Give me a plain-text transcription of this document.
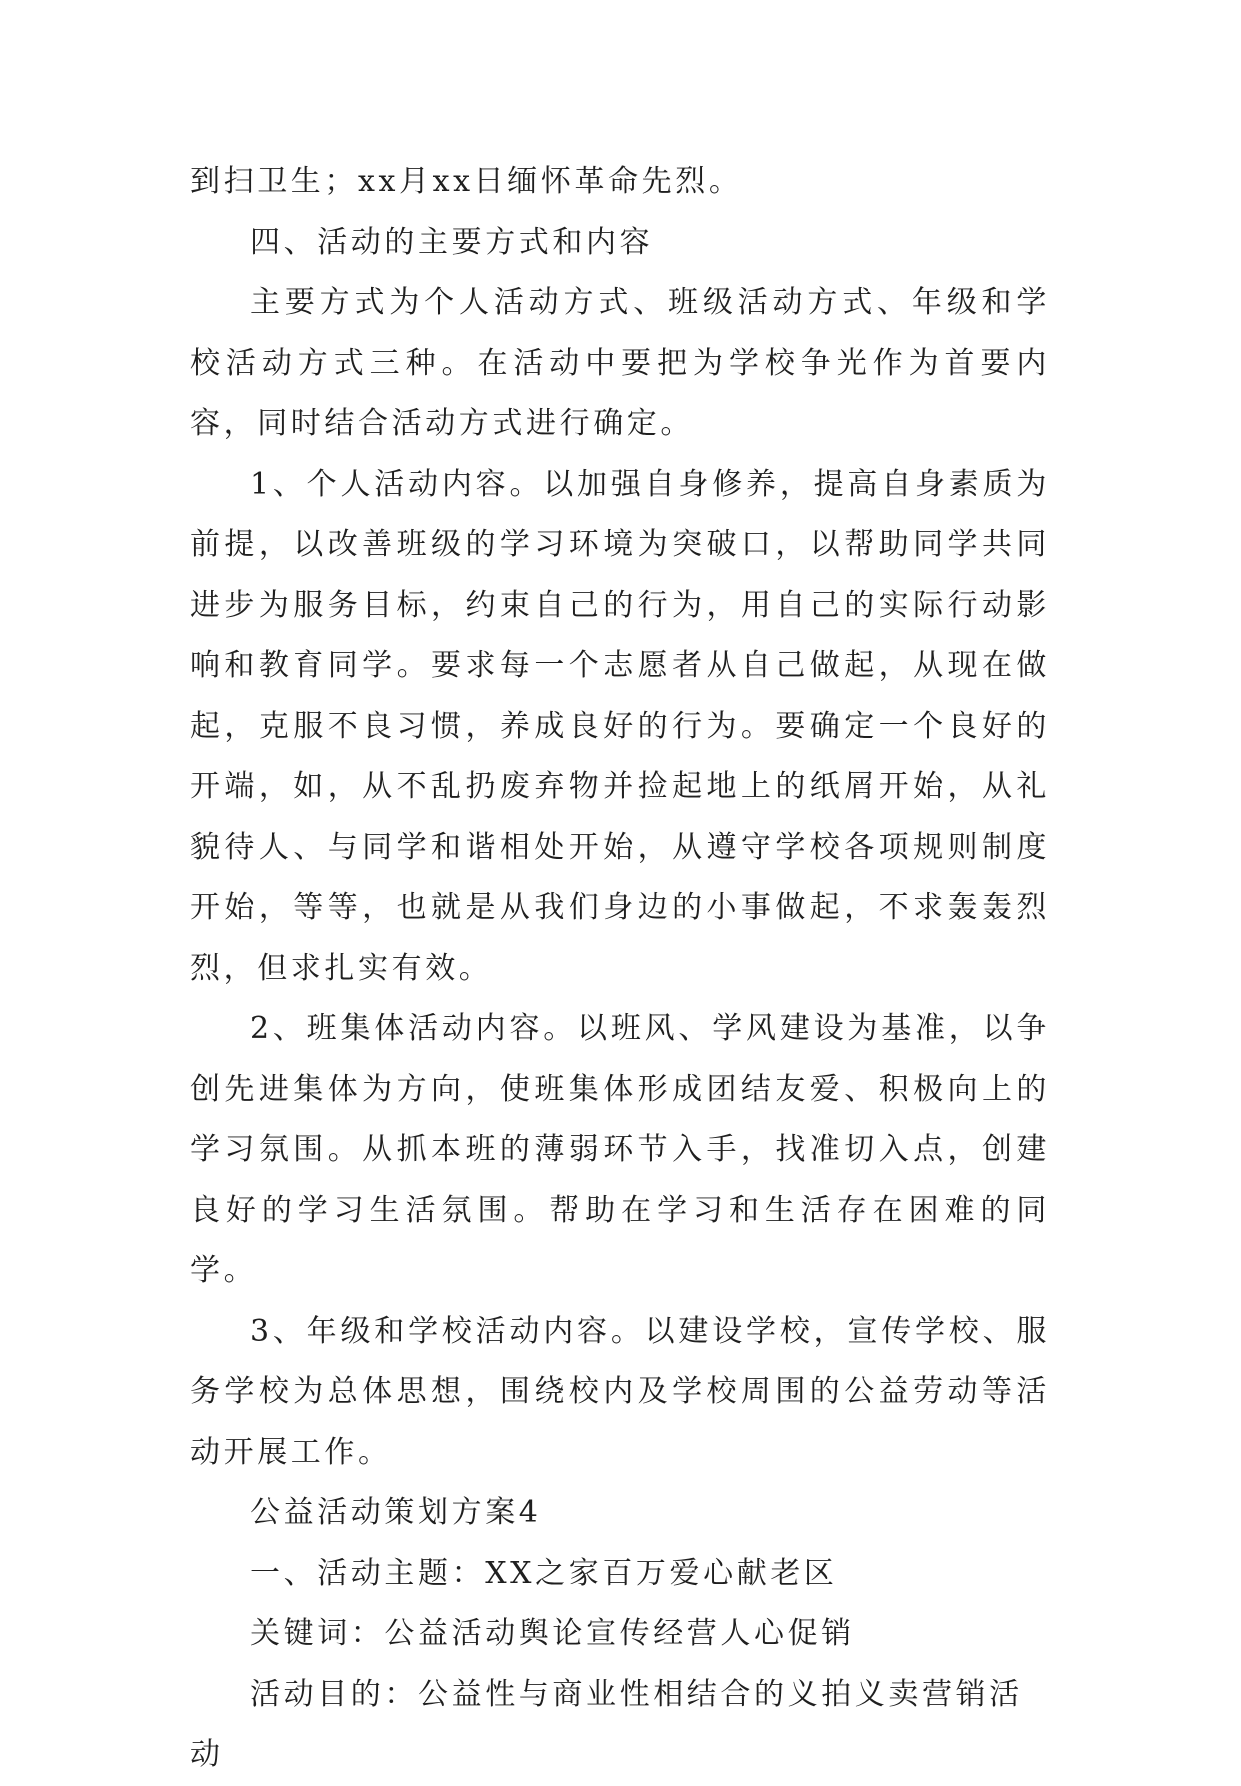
到扫卫生；xx月xx日缅怀革命先烈。

四、活动的主要方式和内容

主要方式为个人活动方式、班级活动方式、年级和学校活动方式三种。在活动中要把为学校争光作为首要内容，同时结合活动方式进行确定。

1、个人活动内容。以加强自身修养，提高自身素质为前提，以改善班级的学习环境为突破口，以帮助同学共同进步为服务目标，约束自己的行为，用自己的实际行动影响和教育同学。要求每一个志愿者从自己做起，从现在做起，克服不良习惯，养成良好的行为。要确定一个良好的开端，如，从不乱扔废弃物并捡起地上的纸屑开始，从礼貌待人、与同学和谐相处开始，从遵守学校各项规则制度开始，等等，也就是从我们身边的小事做起，不求轰轰烈烈，但求扎实有效。

2、班集体活动内容。以班风、学风建设为基准，以争创先进集体为方向，使班集体形成团结友爱、积极向上的学习氛围。从抓本班的薄弱环节入手，找准切入点，创建良好的学习生活氛围。帮助在学习和生活存在困难的同学。

3、年级和学校活动内容。以建设学校，宣传学校、服务学校为总体思想，围绕校内及学校周围的公益劳动等活动开展工作。

公益活动策划方案4

一、活动主题：XX之家百万爱心献老区

关键词：公益活动舆论宣传经营人心促销

活动目的：公益性与商业性相结合的义拍义卖营销活动
